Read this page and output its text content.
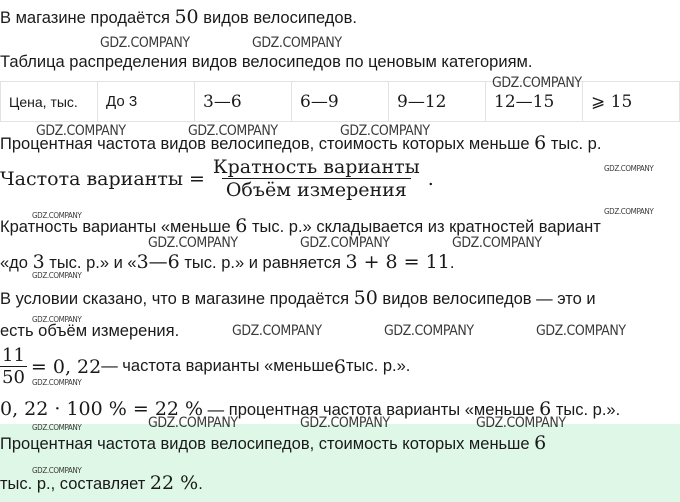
В магазине продаётся 50 видов велосипедов.
Таблица распределения видов велосипедов по ценовым категориям.
Цена, тыс.	До 3	3—6	6—9	9—12	12—15	⩾ 15
Процентная частота видов велосипедов, стоимость которых меньше 6 тыс. р.
Частота варианты = $\frac{\text{Кратность варианты}}{\text{Объём измерения}}$ .
Кратность варианты «меньше 6 тыс. р.» складывается из кратностей вариант
«до 3 тыс. р.» и «3—6 тыс. р.» и равняется 3 + 8 = 11.
В условии сказано, что в магазине продаётся 50 видов велосипедов — это и
есть объём измерения.
$\frac{11}{50} = 0$, 22 — частота варианты «меньше 6 тыс. р.».
0, 22 · 100 % = 22 % — процентная частота варианты «меньше 6 тыс. р.».
Процентная частота видов велосипедов, стоимость которых меньше 6
тыс. р., составляет 22 %.
GDZ.COMPANY	GDZ.COMPANY
GDZ.COMPANY
GDZ.COMPANY	GDZ.COMPANY	GDZ.COMPANY
GDZ.COMPANY
GDZ.COMPANY	GDZ.COMPANY
GDZ.COMPANY	GDZ.COMPANY	GDZ.COMPANY
GDZ.COMPANY
GDZ.COMPANY
GDZ.COMPANY	GDZ.COMPANY	GDZ.COMPANY
GDZ.COMPANY
GDZ.COMPANY	GDZ.COMPANY	GDZ.COMPANY
GDZ.COMPANY
GDZ.COMPANY
